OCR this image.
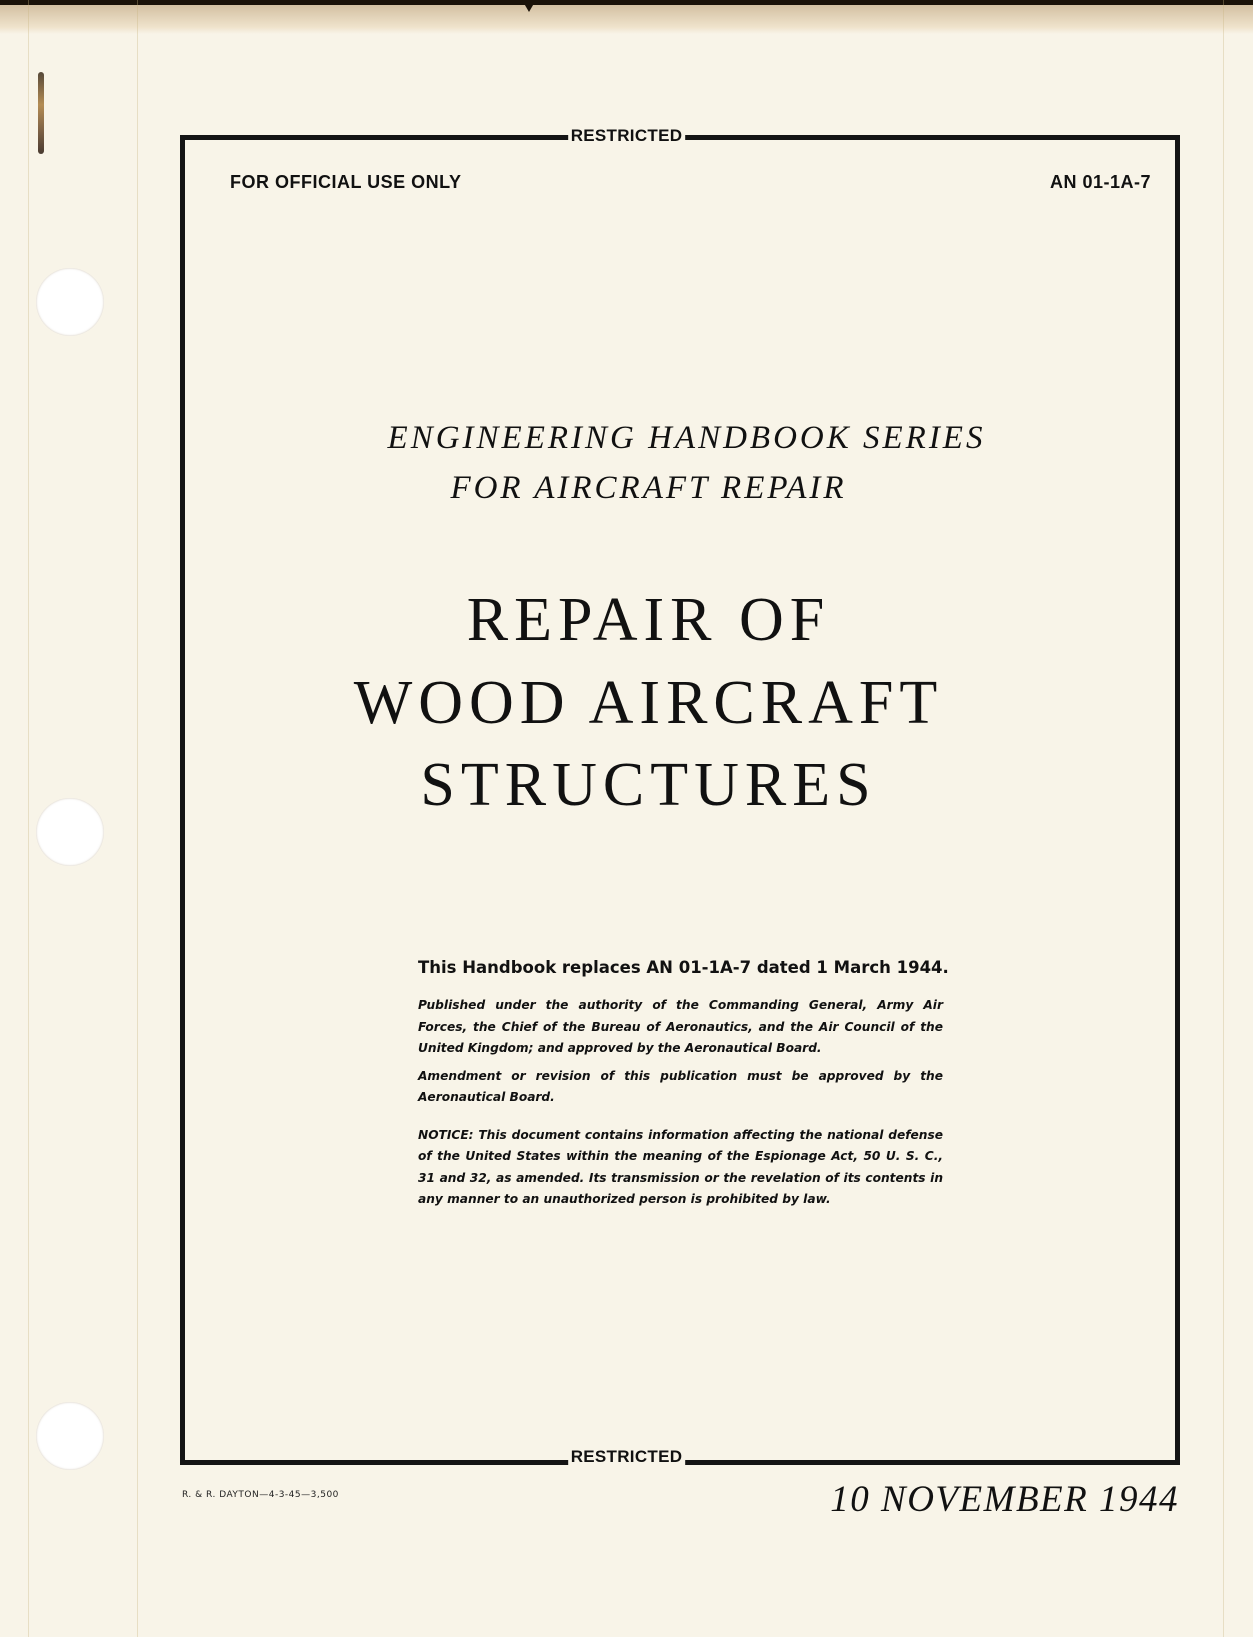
RESTRICTED
RESTRICTED
FOR OFFICIAL USE ONLY	AN 01-1A-7
ENGINEERING HANDBOOK SERIES
FOR AIRCRAFT REPAIR
REPAIR OF
WOOD AIRCRAFT
STRUCTURES
This Handbook replaces AN 01-1A-7 dated 1 March 1944.

Published under the authority of the Commanding General, Army Air Forces, the Chief of the Bureau of Aeronautics, and the Air Council of the United Kingdom; and approved by the Aeronautical Board.

Amendment or revision of this publication must be approved by the Aeronautical Board.

NOTICE: This document contains information affecting the national defense of the United States within the meaning of the Espionage Act, 50 U. S. C., 31 and 32, as amended. Its transmission or the revelation of its contents in any manner to an unauthorized person is prohibited by law.

R. & R. DAYTON—4-3-45—3,500	10 NOVEMBER 1944
